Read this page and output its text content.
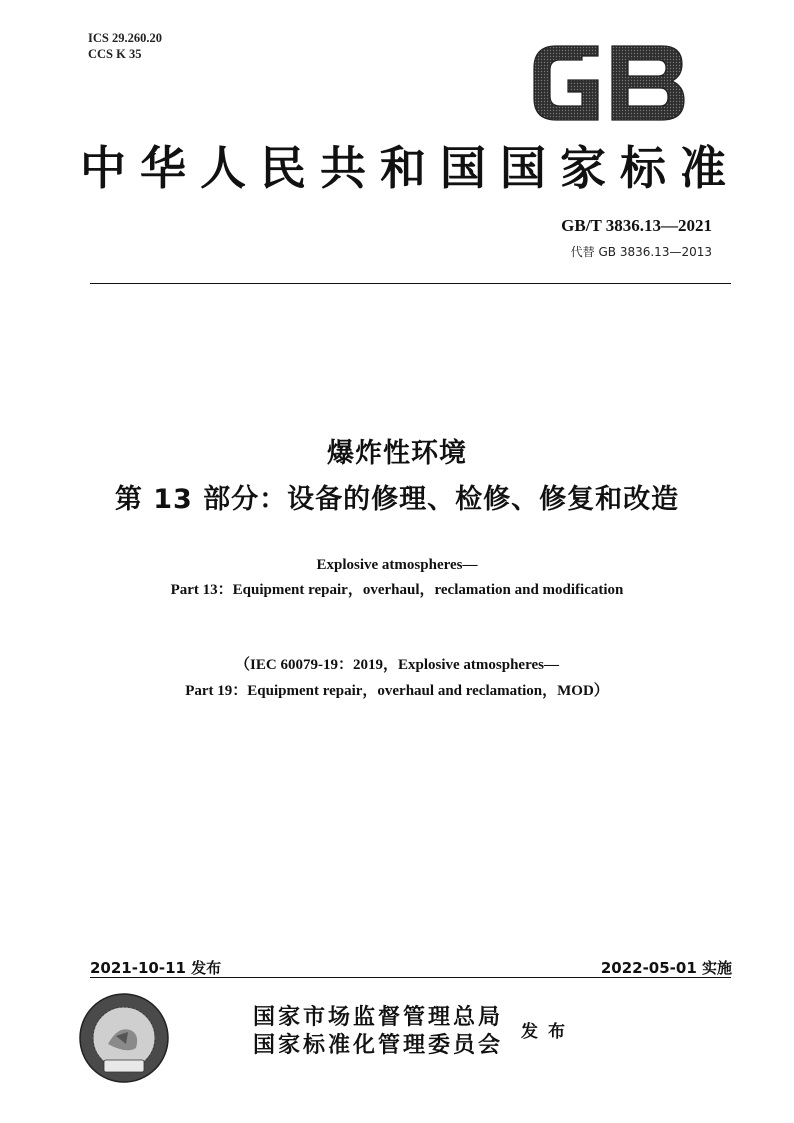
ICS 29.260.20
CCS K 35
中华人民共和国国家标准
GB/T 3836.13—2021
代替 GB 3836.13—2013
爆炸性环境
第 13 部分：设备的修理、检修、修复和改造
Explosive atmospheres—
Part 13：Equipment repair，overhaul，reclamation and modification
（IEC 60079-19：2019，Explosive atmospheres—
Part 19：Equipment repair，overhaul and reclamation，MOD）
2021-10-11 发布	2022-05-01 实施
国家市场监督管理总局
国家标准化管理委员会 发布
